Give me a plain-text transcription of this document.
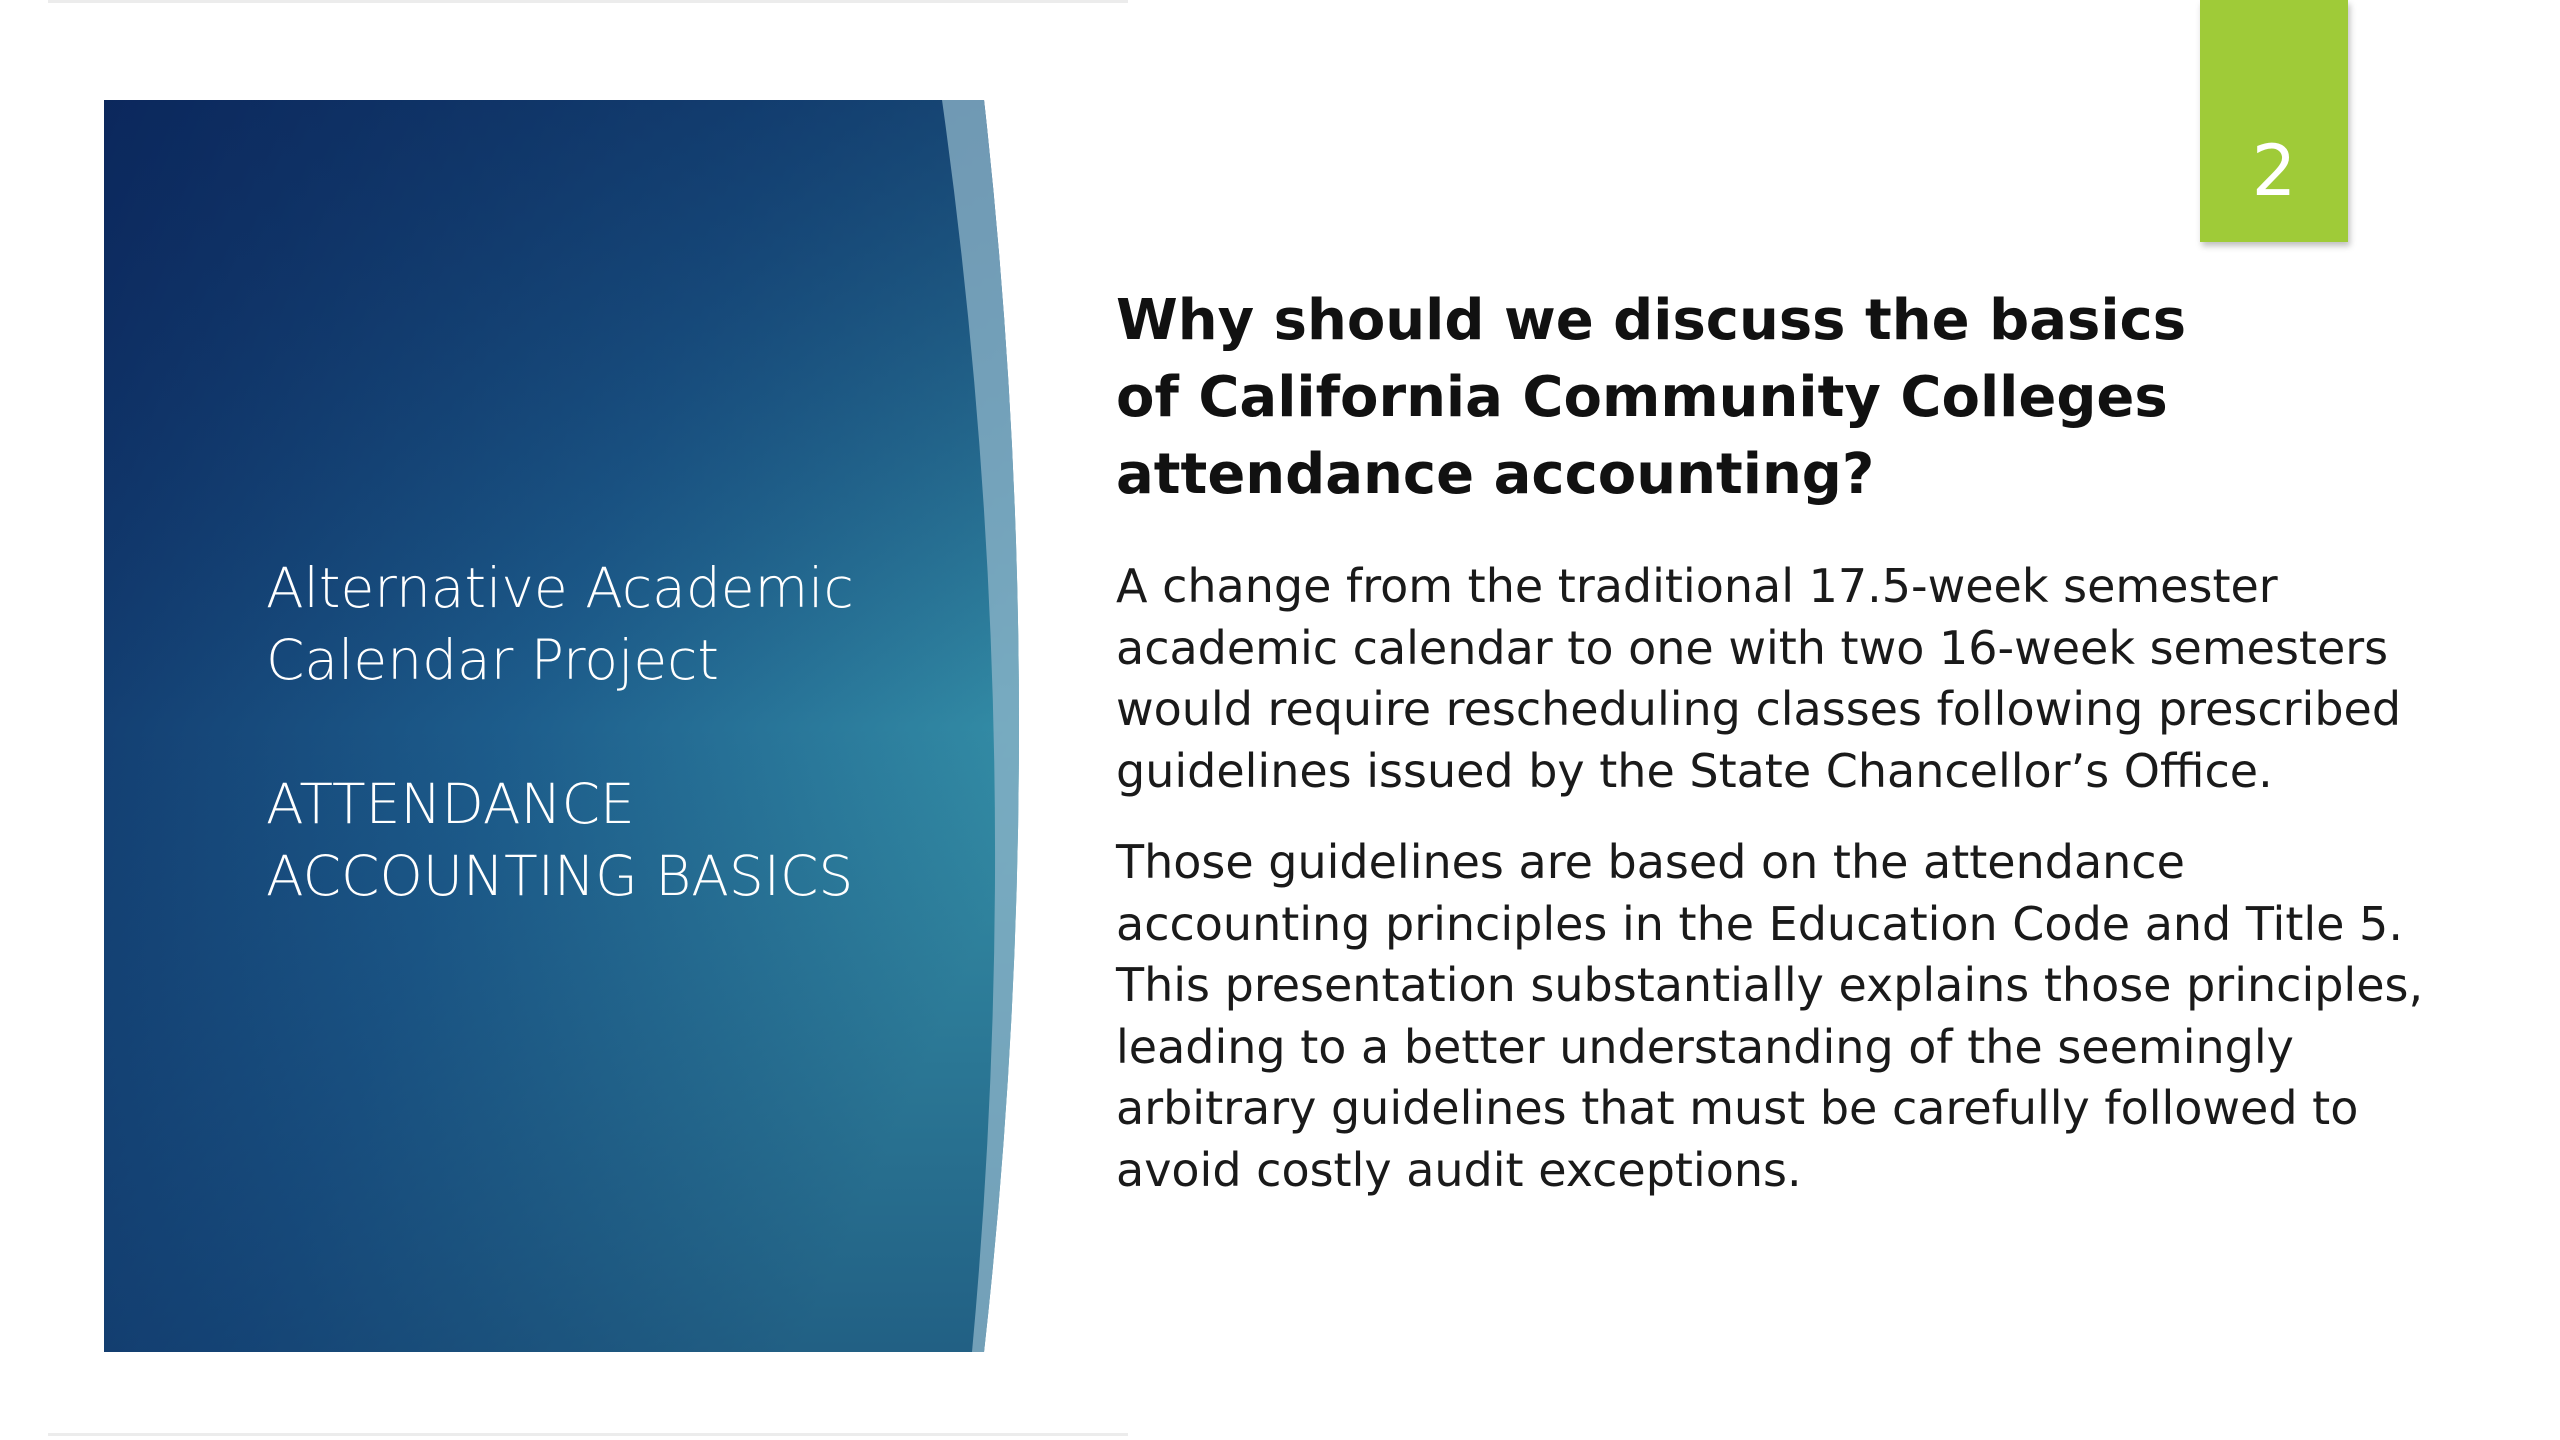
Alternative Academic
Calendar Project
ATTENDANCE
ACCOUNTING BASICS
2
Why should we discuss the basics
of California Community Colleges
attendance accounting?

A change from the traditional 17.5-week semester
academic calendar to one with two 16-week semesters
would require rescheduling classes following prescribed
guidelines issued by the State Chancellor’s Office.

Those guidelines are based on the attendance
accounting principles in the Education Code and Title 5.
This presentation substantially explains those principles,
leading to a better understanding of the seemingly
arbitrary guidelines that must be carefully followed to
avoid costly audit exceptions.
